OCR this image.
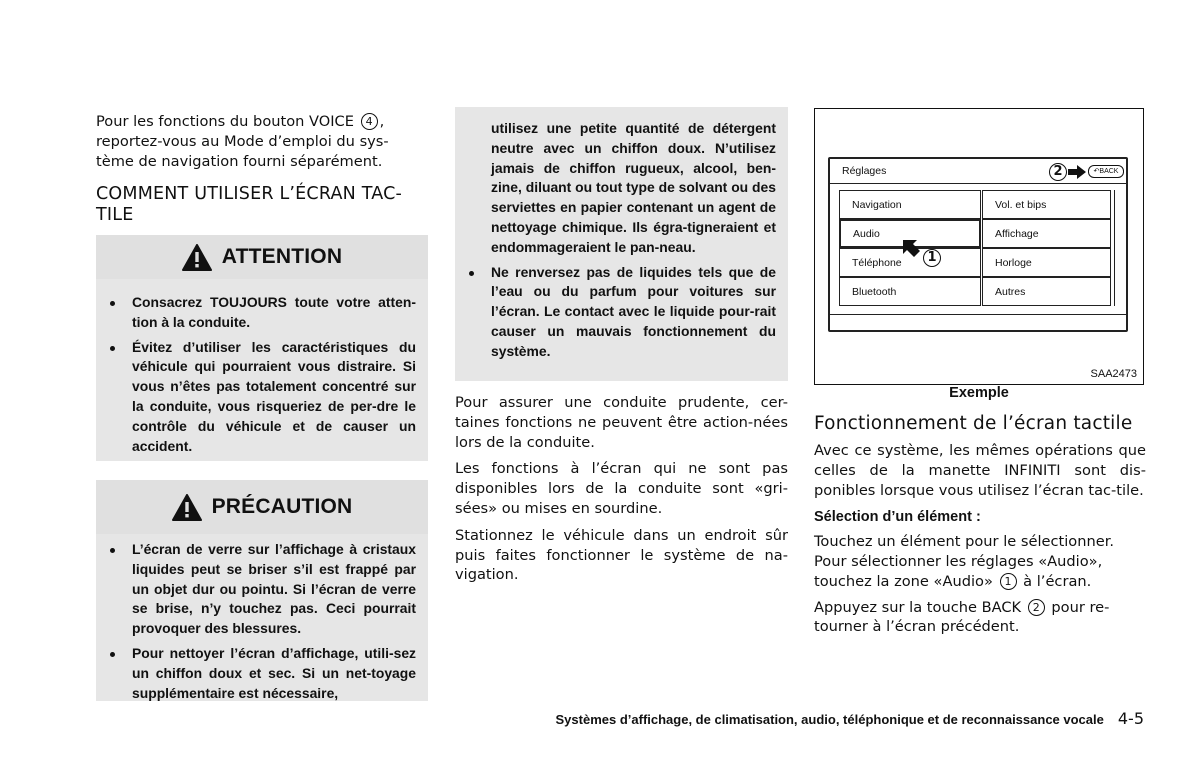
Pour les fonctions du bouton VOICE 4 ,
reportez-vous au Mode d’emploi du sys-
tème de navigation fourni séparément.

COMMENT UTILISER L’ÉCRAN TAC-
TILE

ATTENTION
Consacrez TOUJOURS toute votre atten-tion à la conduite.
Évitez d’utiliser les caractéristiques du véhicule qui pourraient vous distraire. Si vous n’êtes pas totalement concentré sur la conduite, vous risqueriez de per-dre le contrôle du véhicule et de causer un accident.
PRÉCAUTION
L’écran de verre sur l’affichage à cristaux liquides peut se briser s’il est frappé par un objet dur ou pointu. Si l’écran de verre se brise, n’y touchez pas. Ceci pourrait provoquer des blessures.
Pour nettoyer l’écran d’affichage, utili-sez un chiffon doux et sec. Si un net-toyage supplémentaire est nécessaire,
utilisez une petite quantité de détergent neutre avec un chiffon doux. N’utilisez jamais de chiffon rugueux, alcool, ben-zine, diluant ou tout type de solvant ou des serviettes en papier contenant un agent de nettoyage chimique. Ils égra-tigneraient et endommageraient le pan-neau.
Ne renversez pas de liquides tels que de l’eau ou du parfum pour voitures sur l’écran. Le contact avec le liquide pour-rait causer un mauvais fonctionnement du système.

Pour assurer une conduite prudente, cer-taines fonctions ne peuvent être action-nées lors de la conduite.

Les fonctions à l’écran qui ne sont pas disponibles lors de la conduite sont «gri-sées» ou mises en sourdine.

Stationnez le véhicule dans un endroit sûr puis faites fonctionner le système de na-vigation.

Réglages	2	↶BACK
Navigation
Audio
Téléphone
Bluetooth
Vol. et bips
Affichage
Horloge
Autres
1
SAA2473
Exemple

Fonctionnement de l’écran tactile

Avec ce système, les mêmes opérations que celles de la manette INFINITI sont dis-ponibles lorsque vous utilisez l’écran tac-tile.

Sélection d’un élément :

Touchez un élément pour le sélectionner.
Pour sélectionner les réglages «Audio»,
touchez la zone «Audio» 1 à l’écran.

Appuyez sur la touche BACK 2 pour re-
tourner à l’écran précédent.

Systèmes d’affichage, de climatisation, audio, téléphonique et de reconnaissance vocale 4-5
